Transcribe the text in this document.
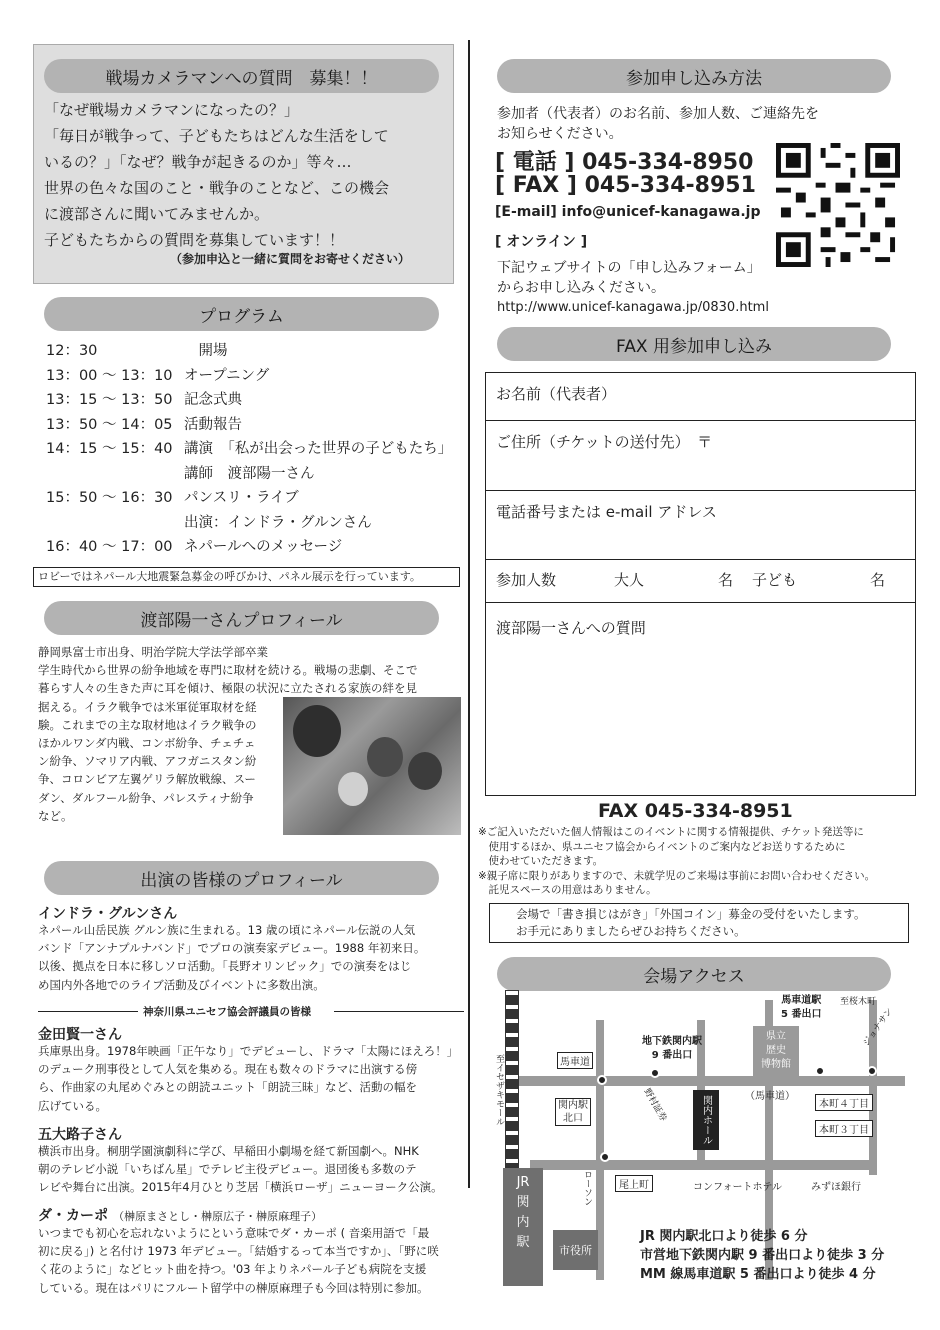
戦場カメラマンへの質問　募集！！
「なぜ戦場カメラマンになったの？」
「毎日が戦争って、子どもたちはどんな生活をして
いるの？」「なぜ？戦争が起きるのか」等々…
世界の色々な国のこと・戦争のことなど、この機会
に渡部さんに聞いてみませんか。
子どもたちからの質問を募集しています！！
（参加申込と一緒に質問をお寄せください）
プログラム
12：30	　開場
13：00 〜 13：10 オープニング
13：15 〜 13：50 記念式典
13：50 〜 14：05 活動報告
14：15 〜 15：40 講演　「私が出会った世界の子どもたち」
講師　渡部陽一さん
15：50 〜 16：30 パンスリ・ライブ
出演：インドラ・グルンさん
16：40 〜 17：00 ネパールへのメッセージ
ロビーではネパール大地震緊急募金の呼びかけ、パネル展示を行っています。
渡部陽一さんプロフィール
静岡県富士市出身、明治学院大学法学部卒業
学生時代から世界の紛争地域を専門に取材を続ける。戦場の悲劇、そこで
暮らす人々の生きた声に耳を傾け、極限の状況に立たされる家族の絆を見
据える。イラク戦争では米軍従軍取材を経
験。これまでの主な取材地はイラク戦争の
ほかルワンダ内戦、コンボ紛争、チェチェ
ン紛争、ソマリア内戦、アフガニスタン紛
争、コロンビア左翼ゲリラ解放戦線、スー
ダン、ダルフール紛争、パレスティナ紛争
など。
出演の皆様のプロフィール
インドラ・グルンさん
ネパール山岳民族 グルン族に生まれる。13 歳の頃にネパール伝説の人気
バンド「アンナプルナバンド」でプロの演奏家デビュー。1988 年初来日。
以後、拠点を日本に移しソロ活動。「長野オリンピック」での演奏をはじ
め国内外各地でのライブ活動及びイベントに多数出演。
神奈川県ユニセフ協会評議員の皆様
金田賢一さん
兵庫県出身。1978年映画「正午なり」でデビューし、ドラマ「太陽にほえろ！」
のデューク刑事役として人気を集める。現在も数々のドラマに出演する傍
ら、作曲家の丸尾めぐみとの朗読ユニット「朗読三昧」など、活動の幅を
広げている。
五大路子さん
横浜市出身。桐朋学園演劇科に学び、早稲田小劇場を経て新国劇へ。NHK
朝のテレビ小説「いちばん星」でテレビ主役デビュー。退団後も多数のテ
レビや舞台に出演。2015年4月ひとり芝居「横浜ローザ」ニューヨーク公演。
ダ・カーポ （榊原まさとし・榊原広子・榊原麻理子）
いつまでも初心を忘れないようにという意味でダ・カーポ ( 音楽用語で「最
初に戻る」) と名付け 1973 年デビュー。「結婚するって本当ですか」、「野に咲
く花のように」などヒット曲を持つ。'03 年よりネパール子ども病院を支援
している。現在はパリにフルート留学中の榊原麻理子も今回は特別に参加。
参加申し込み方法
参加者（代表者）のお名前、参加人数、ご連絡先を
お知らせください。
[ 電話 ] 045-334-8950
[ FAX ] 045-334-8951
[E-mail] info@unicef-kanagawa.jp
[ オンライン ]
下記ウェブサイトの「申し込みフォーム」
からお申し込みください。
http://www.unicef-kanagawa.jp/0830.html
FAX 用参加申し込み
お名前（代表者）
ご住所（チケットの送付先）　〒
電話番号または e-mail アドレス
参加人数	大人	名 子ども	名
渡部陽一さんへの質問
FAX 045-334-8951
※ご記入いただいた個人情報はこのイベントに関する情報提供、チケット発送等に
　使用するほか、県ユニセフ協会からイベントのご案内などお送りするために
　使わせていただきます。
※親子席に限りがありますので、未就学児のご来場は事前にお問い合わせください。
　託児スペースの用意はありません。
会場で「書き損じはがき」「外国コイン」募金の受付をいたします。
お手元にありましたらぜひお持ちください。
会場アクセス
JR
関
内
駅
市役所
関内ホール
県立
歴史
博物館
馬車道
至イセザキモール
地下鉄関内駅
9 番出口
馬車道駅
5 番出口
至桜木町
ジョナサン
（馬車道）
関内駅
北口	野村証券	本町４丁目
本町３丁目
尾上町
ローソン	コンフォートホテル	みずほ銀行
JR 関内駅北口より徒歩 6 分
市営地下鉄関内駅 9 番出口より徒歩 3 分
MM 線馬車道駅 5 番出口より徒歩 4 分
